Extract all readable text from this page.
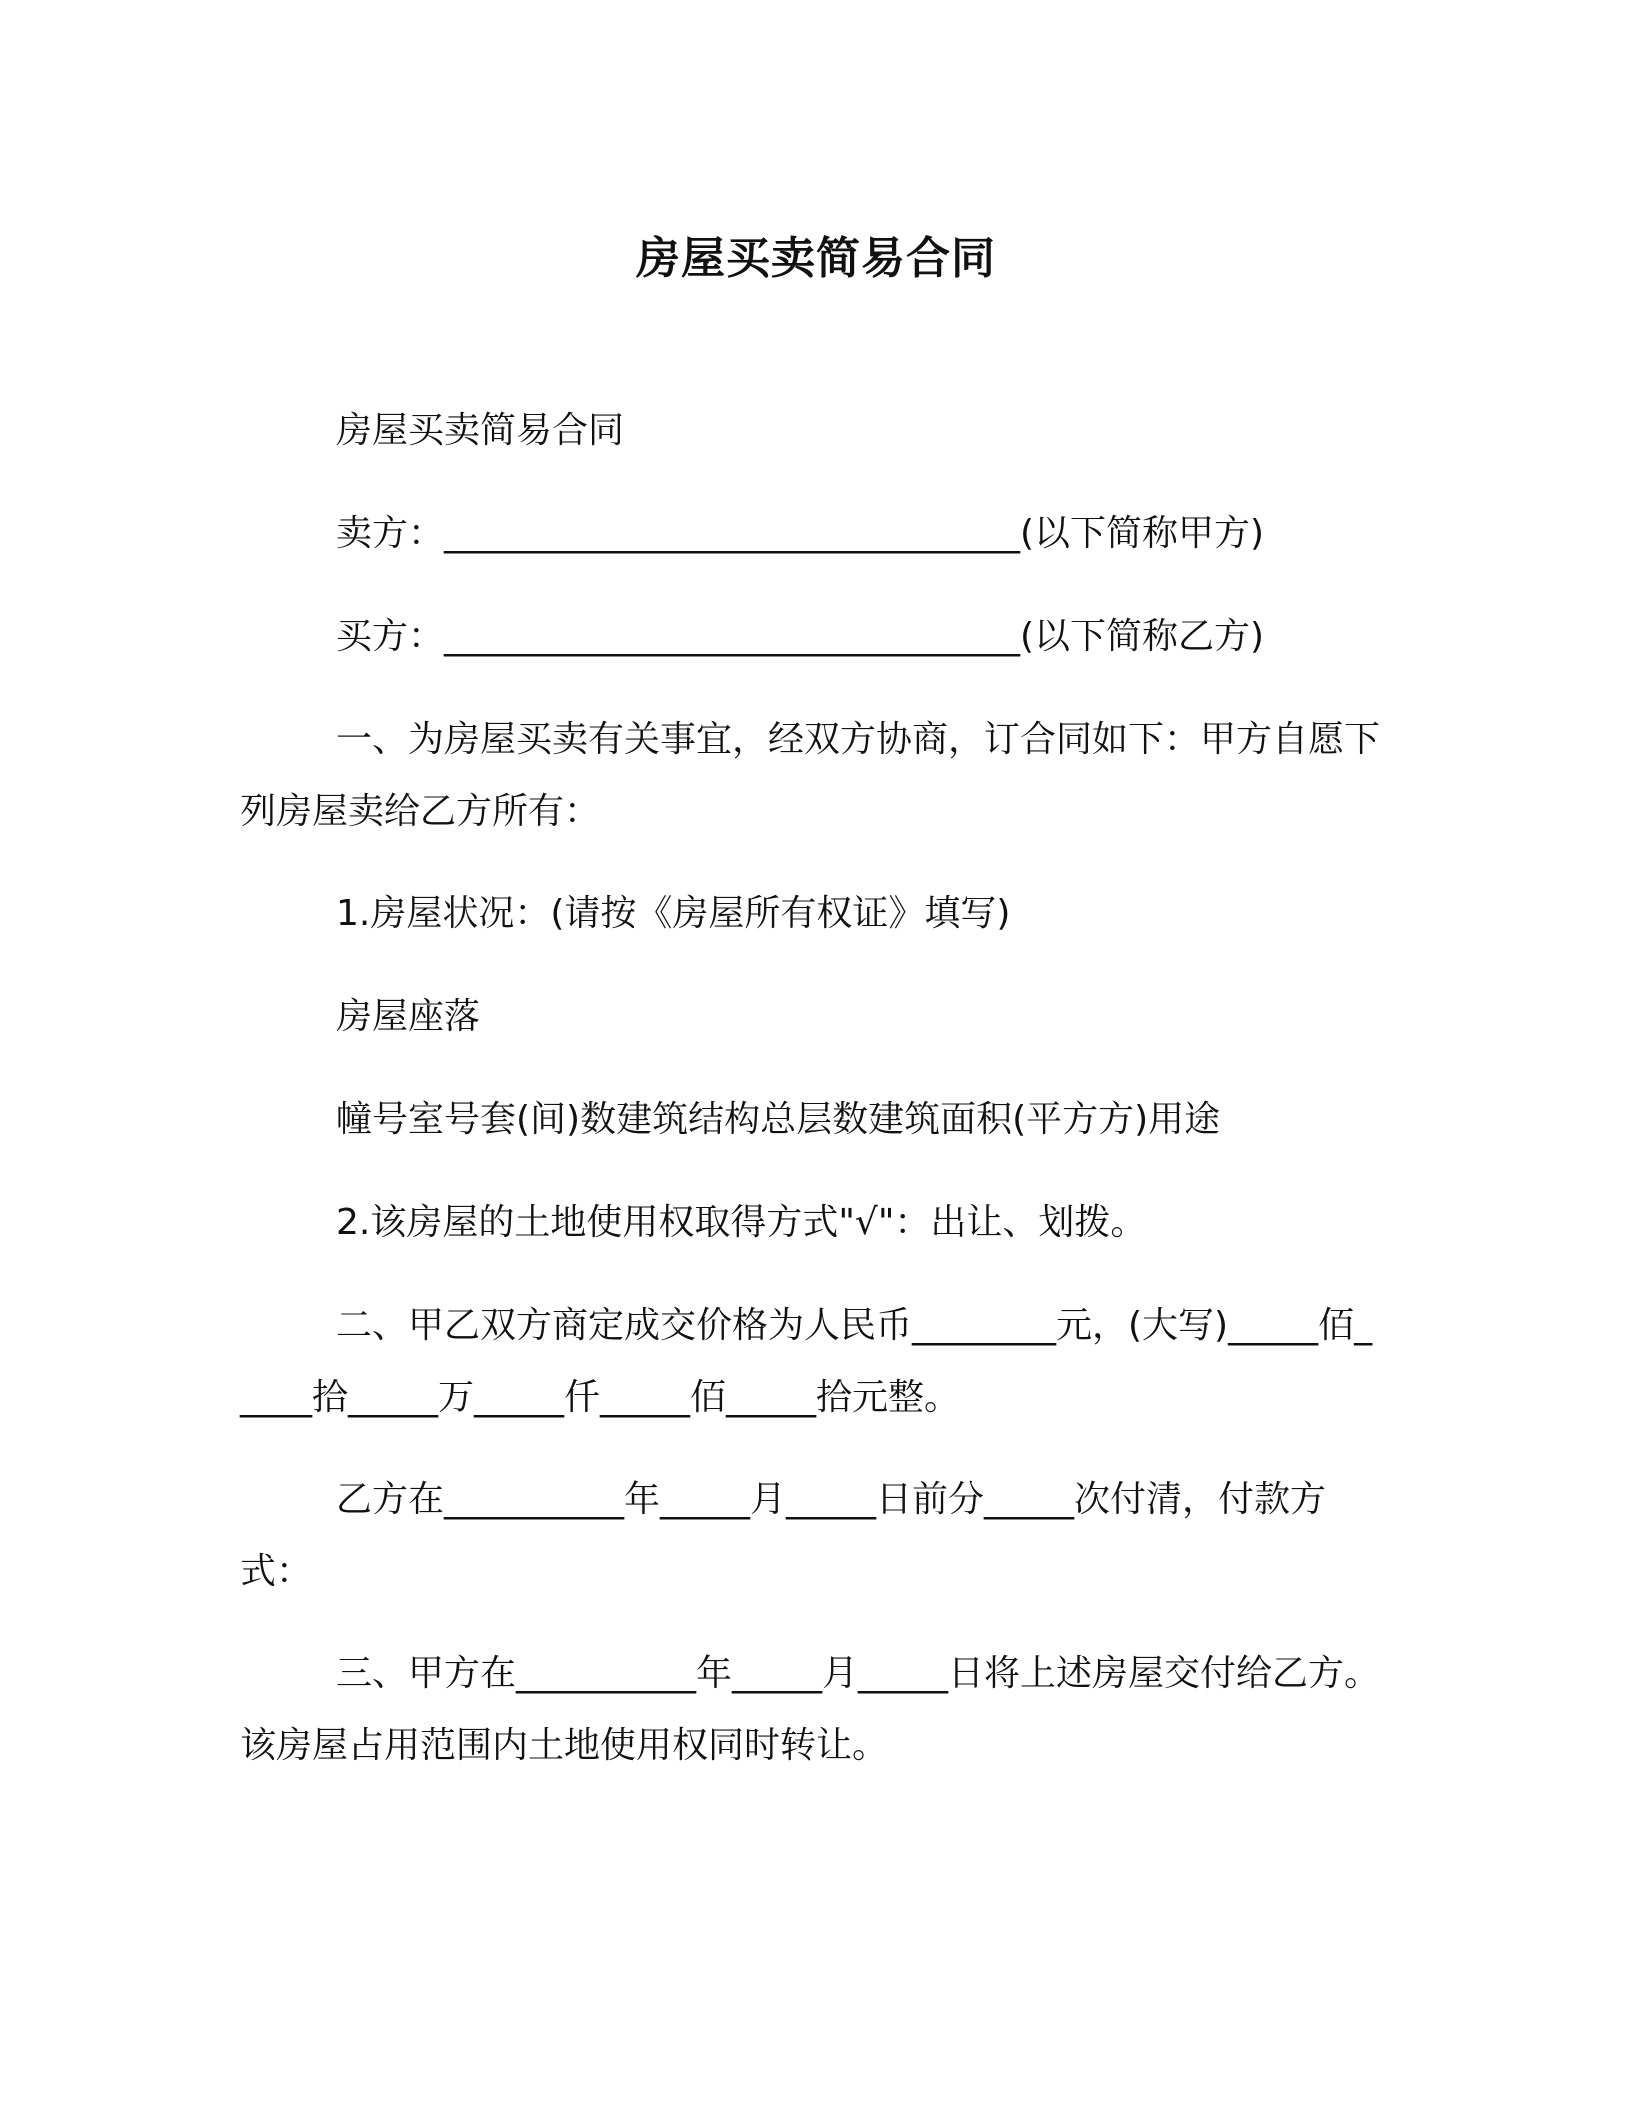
房屋买卖简易合同

房屋买卖简易合同

卖方：________________________________(以下简称甲方)

买方：________________________________(以下简称乙方)

一、为房屋买卖有关事宜，经双方协商，订合同如下：甲方自愿下列房屋卖给乙方所有：

1.房屋状况：(请按《房屋所有权证》填写)

房屋座落

幢号室号套(间)数建筑结构总层数建筑面积(平方方)用途

2.该房屋的土地使用权取得方式"√"：出让、划拨。

二、甲乙双方商定成交价格为人民币________元，(大写)_____佰_____拾_____万_____仟_____佰_____拾元整。

乙方在__________年_____月_____日前分_____次付清，付款方式：

三、甲方在__________年_____月_____日将上述房屋交付给乙方。该房屋占用范围内土地使用权同时转让。
